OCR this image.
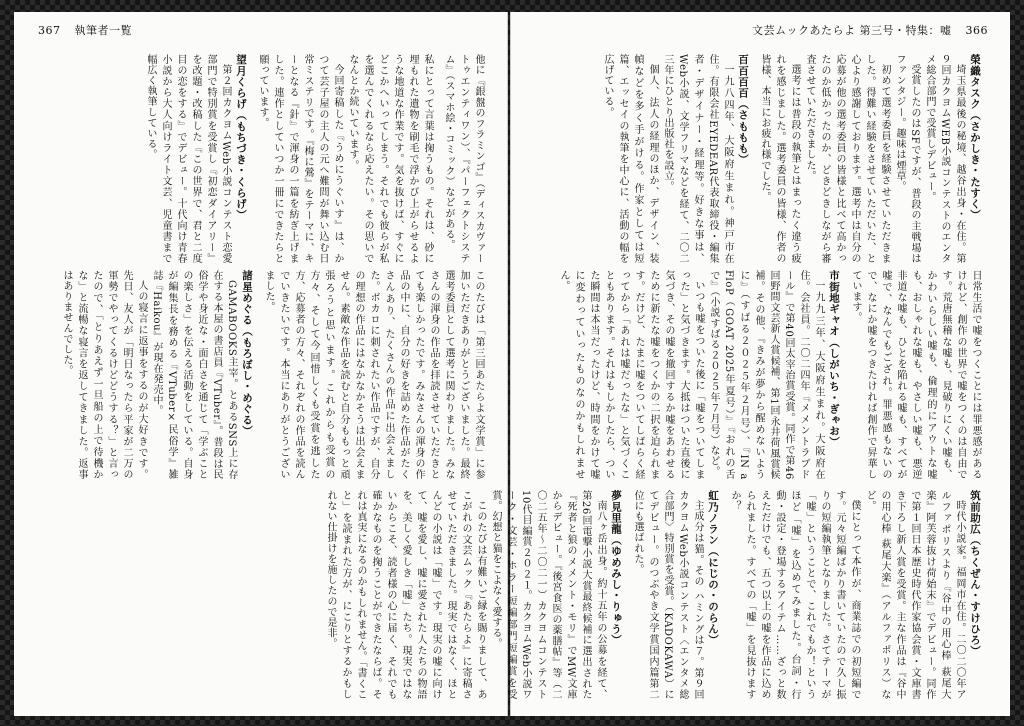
367 執筆者一覧
他に『銀盤のフラミンゴ』（ディスカヴァートゥエンティワン）、『パーフェクトシステム』（スマホ絵・コミック）などがある。
私にとって言葉は掬うもの。それは、砂に埋もれた遺物を刷毛で浮かび上がらせるような地道な作業です。気を抜けば、すぐにどこかへいってしまう。それでも彼らが私を選んでくれるなら応えたい。その思いでなんとか続いています。
今回寄稿した『うめにうぐいす』は、かつて芸子屋の主人の元へ難問が舞い込む日常ミステリです。『梅に鶯』をテーマに、キーとなる『針』で渾身の一篇を紡ぎ上げました。連作としていつか一冊にできたらと願っています。
望月くらげ（もちづき・くらげ）

第２回カクヨムWeb小説コンテスト恋愛部門で特別賞を受賞し『初恋ダイアリー』を改題・改稿した『この世界で、君と二度目の恋をする』でデビュー。十代向け青春小説から大人向けライト文芸、児童書まで幅広く執筆している。
このたびは「第三回あたらよ文学賞」に参加いただきありがとうございました。最終選考委員として選考に関わりました。みなさんの渾身の作品を拝読させていただきとても楽しかったです。みなさんの渾身の作品の中に、自分の好きを詰めた作品がたくさんあり、たくさんの作品に出会えました。ボカロに刺されたい作品ですが、自分の理想の作品にはなかなかそうは出会えません。素敵な作品を読むと自分ももっと頑張ろうと思います。これからも受賞の方々、そして今回惜しくも受賞を逃した方、応募者の方々、それぞれの作品を読んでいきたいです。本当にありがとうございました。
諸星めぐる（もろぼし・めぐる）

GAMABOOKS主宰。とあるSNS上に存在する本屋の書店員『VTuber』。普段は民俗学や身近な・面白さを通じて「学ぶことの楽しさ」を伝える活動をしている。自身が編集長を務める『VTuber×民俗学』雑誌『Haikou』が現在発売中。
人の寝言に返事をするのが大好きです。先日、友人が「明日なったら平家が二万の軍勢でやってくるけどどうする？」と言ったので、「とりあえず一旦船の上で待機かな」と流暢な寝言を返してきました。返事はありませんでした。
文芸ムックあたらよ 第三号・特集：嘘 366
榮織タスク（さかしき・たすく）

埼玉県最後の秘境、越谷出身・在住。第９回カクヨムWEB小説コンテストのエンタメ総合部門で受賞しデビュー。
受賞したのはSFですが、普段の主戦場はファンタジー。趣味は煙草。
初めて選考委員を経験させていただきました。得難い経験をさせていただいた、と心より感謝しております。選考中は自分の応募が他の選考委員の皆様と比べて高かったのか低かったのか、どきどきしながら審査させていただきました。
選考には普段の執筆とはまったく違う疲れを感じました。選考委員の皆様、作者の皆様、本当にお疲れ様でした。
百百百百（さももも）

一九八四年、大阪府生まれ。神戸市在住。有限会社EYEDEAR代表取締役・編集者・デザイナー・経理等。好きな事は、Web小説、文学フリマなどを経て、二〇二三年にひとり出版社を設立。
個人、法人の経理のほか、デザイン、装幀などを多く手がける。作家としては短篇、エッセイの執筆を中心に、活動の幅を広げている。
日常生活で嘘をつくことには罪悪感があるけれど、創作の世界で嘘をつくのは自由です。荒唐無稽な嘘も、見破りにくい嘘も、かわいらしい嘘も、倫理的にアウトな嘘も、おしゃれな嘘も、やさしい嘘も、悪逆非道な嘘も、ひとを陥れる嘘も、すべてが嘘で、なんでもござれ。罪悪感もないので、なにか嘘をつきたければ創作で昇華しています。
市街地ギャオ（しがいち・ぎゃお）

一九九三年、大阪府生まれ。大阪府在住。会社員。二〇二四年『メメントラブドール』で第40回太宰治賞受賞。同作で第46回野間文芸新人賞候補、第1回永井荷風賞候補。その他、『きみが夢から醒めないように』（すばる２０２５年２月号）、『IN a FloP（GOAT 2025年夏号）』『おれの舌で』（小説すばる２０２５年７月号）など。
いつも嘘をついた後に「嘘をついてしまった」と気づきます。大抵はついた直後に気づき、その嘘を撤回するか嘘をあわせるために新たな嘘をつくかの二択を迫られます。だけど、たまに嘘をついてしばらく経ってから「あれは嘘だったな」と気づくこともあります。それはもしかしたら、ついた瞬間は本当だったけど、時間をかけて嘘に変わっていったものなのかもしれません。
筑前助広（ちくぜん・すけひろ）

時代小説家。福岡市在住。二〇二〇年アルファポリスより『谷中の用心棒 萩尾大楽』阿芙蓉抜け荷始末』でデビュー。同作で第１回日本歴史時代作家協会賞・文庫書き下ろし新人賞を受賞。主な作品は『谷中の用心棒 萩尾大楽』（アルファポリス）など。
僕にとって本作が、商業誌での初短編です。元々短編ばかり書いていたので久し振りの短編執筆となりました。さてテーマが「嘘」ということで、これでもか！というほど「嘘」を込めてみました。台詞・行動・設定・登場するアイテム……ざっと数えただけでも、五つ以上の嘘を作品に込められました。すべての「嘘」を見抜けますか？
虹乃ノラン（にじの・のらん）

主成分は猫。その ハミングは７。第９回カクヨムWeb小説コンテスト〈エンタメ総合部門〉特別賞を受賞。（KADOKAWA）にてデビュー。のつぶやき文学賞国内篇第二位にも選ばれた。
夢見里龍（ゆめみし・りゅう）

南八ヶ岳出身。約十五年の公募を経て、第26回電撃小説大賞最終候補に選出された『死者と狼のメメント・モリ』でMW文庫からデビュー。『後宮食医の薬膳帖』等（二〇二五年〜二〇二一）カクヨムコンテスト10代目編賞２０２１。カクヨムWeb小説ワーク・文芸・ホラー短編部門短編賞を受賞。幻想と猫をこよなく愛する。
このたびは有難いご縁を賜りまして、あこがれの文芸ムック『あたらよ』に寄稿させていただきました。現実ではなく、ほとんどの小説は「嘘」です。現実の嘘に向けて、嘘を愛し、嘘に愛された人たちの物語を、美しく愛しき「嘘」たち。現実ではないからこそ、読者様の心に届く、それでも確かなものを掬うことができたならば。それは真実になるのかもしれません。「書くこと」を読まれた方が、にこりとするかもしれない仕掛けを施したので是非。
